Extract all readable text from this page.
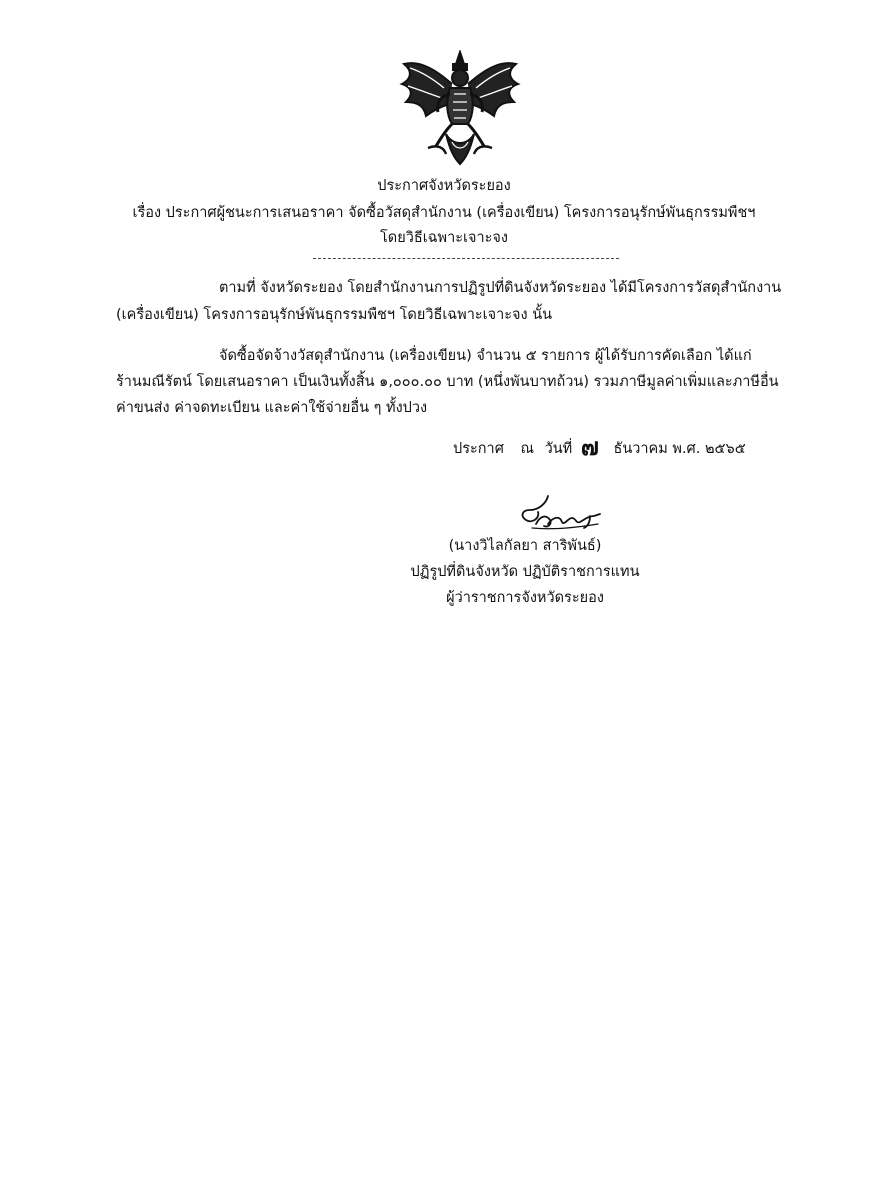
ประกาศจังหวัดระยอง
เรื่อง ประกาศผู้ชนะการเสนอราคา จัดซื้อวัสดุสำนักงาน (เครื่องเขียน) โครงการอนุรักษ์พันธุกรรมพืชฯ
โดยวิธีเฉพาะเจาะจง
ตามที่ จังหวัดระยอง โดยสำนักงานการปฏิรูปที่ดินจังหวัดระยอง ได้มีโครงการวัสดุสำนักงาน
(เครื่องเขียน) โครงการอนุรักษ์พันธุกรรมพืชฯ โดยวิธีเฉพาะเจาะจง นั้น
จัดซื้อจัดจ้างวัสดุสำนักงาน (เครื่องเขียน) จำนวน ๕ รายการ ผู้ได้รับการคัดเลือก ได้แก่
ร้านมณีรัตน์ โดยเสนอราคา เป็นเงินทั้งสิ้น ๑,๐๐๐.๐๐ บาท (หนึ่งพันบาทถ้วน) รวมภาษีมูลค่าเพิ่มและภาษีอื่น
ค่าขนส่ง ค่าจดทะเบียน และค่าใช้จ่ายอื่น ๆ ทั้งปวง
ประกาศ ณ วันที่ ๗ ธันวาคม พ.ศ. ๒๕๖๕
(นางวิไลกัลยา สาริพันธ์)
ปฏิรูปที่ดินจังหวัด ปฏิบัติราชการแทน
ผู้ว่าราชการจังหวัดระยอง
